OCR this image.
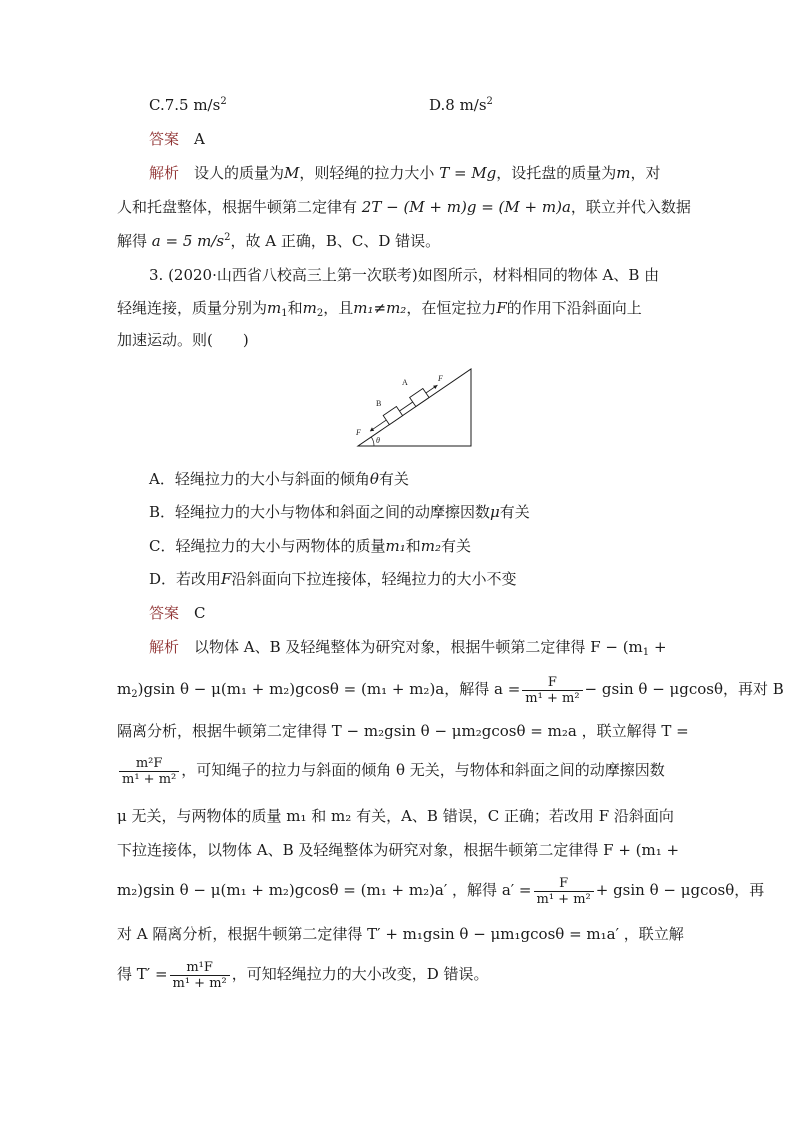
C.7.5 $m/s^2$	D.8 $m/s^2$
答案　 A
解析　 设人的质量为M，则轻绳的拉力大小 T = Mg，设托盘的质量为m，对
人和托盘整体，根据牛顿第二定律有 2T − (M + m)g = (M + m)a，联立并代入数据
解得 a = 5 $m/s^2$，故 A 正确，B、C、D 错误。
3. (2020·山西省八校高三上第一次联考)如图所示，材料相同的物体 A、B 由
轻绳连接，质量分别为$m_1$和$m_2$，且m₁≠m₂，在恒定拉力F的作用下沿斜面向上
加速运动。则(　　)
A
B
F
F
θ
A．轻绳拉力的大小与斜面的倾角θ有关
B．轻绳拉力的大小与物体和斜面之间的动摩擦因数μ有关
C．轻绳拉力的大小与两物体的质量m₁和m₂有关
D．若改用F沿斜面向下拉连接体，轻绳拉力的大小不变
答案　 C
解析　 以物体 A、B 及轻绳整体为研究对象，根据牛顿第二定律得 $F - (m_1$ +
$m_2)gsin$ θ − μ(m₁ + m₂)gcosθ = (m₁ + m₂)a，解得 $a = \frac{F}{\text{m¹ + m²}} - gsin$ θ − μgcosθ，再对 B
隔离分析，根据牛顿第二定律得 T − m₂gsin θ − μm₂gcosθ = m₂a ，联立解得 T =
$\frac{\text{m²F}}{\text{m¹ + m²}}$ ，可知绳子的拉力与斜面的倾角 θ 无关，与物体和斜面之间的动摩擦因数
μ 无关，与两物体的质量 m₁ 和 m₂ 有关，A、B 错误，C 正确；若改用 F 沿斜面向
下拉连接体，以物体 A、B 及轻绳整体为研究对象，根据牛顿第二定律得 F + (m₁ +
m₂)gsin θ − μ(m₁ + m₂)gcosθ = (m₁ + m₂)a′ ，解得 $a' = \frac{F}{\text{m¹ + m²}} + gsin$ θ − μgcosθ，再
对 A 隔离分析，根据牛顿第二定律得 T′ + m₁gsin θ − μm₁gcosθ = m₁a′ ，联立解
得 $T' = \frac{\text{m¹F}}{\text{m¹ + m²}}$ ，可知轻绳拉力的大小改变，D 错误。
